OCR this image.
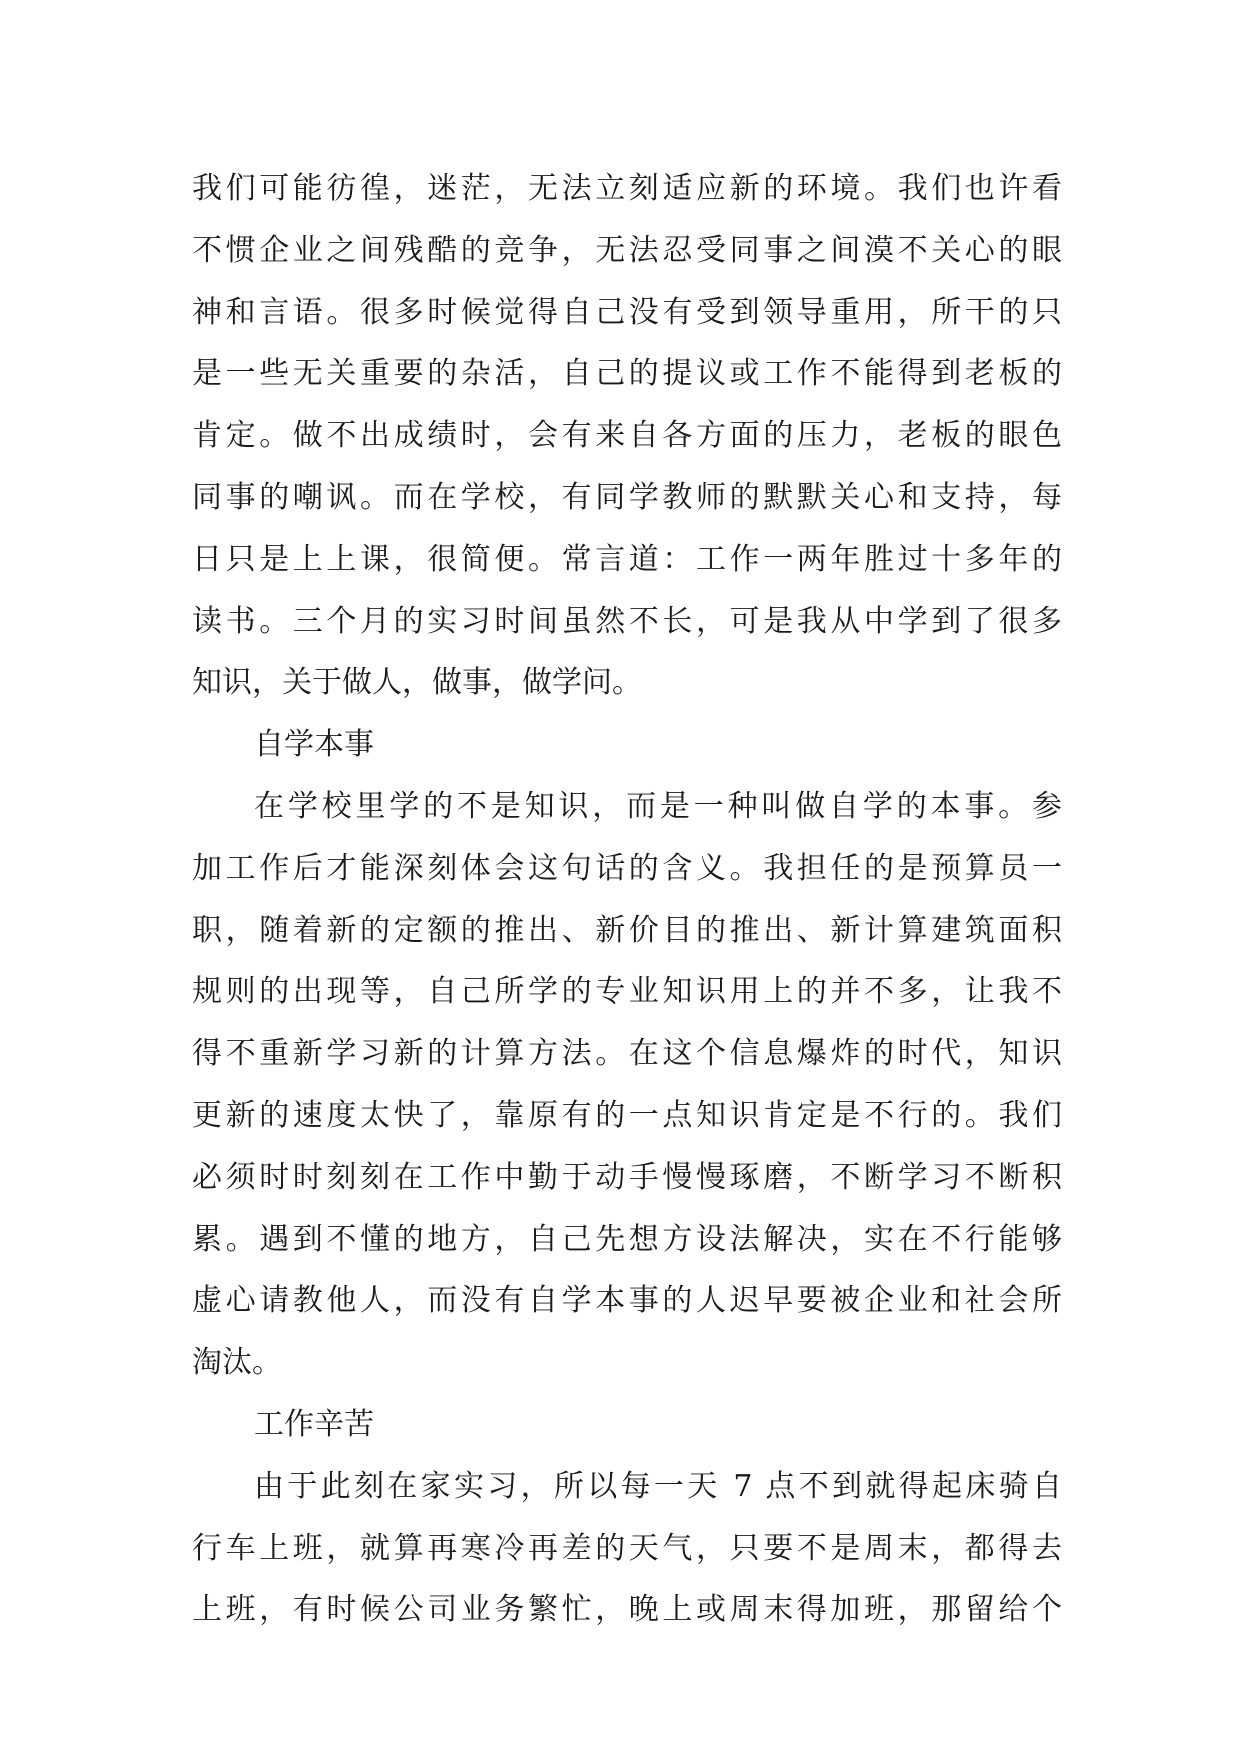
我们可能彷徨，迷茫，无法立刻适应新的环境。我们也许看
不惯企业之间残酷的竞争，无法忍受同事之间漠不关心的眼
神和言语。很多时候觉得自己没有受到领导重用，所干的只
是一些无关重要的杂活，自己的提议或工作不能得到老板的
肯定。做不出成绩时，会有来自各方面的压力，老板的眼色
同事的嘲讽。而在学校，有同学教师的默默关心和支持，每
日只是上上课，很简便。常言道：工作一两年胜过十多年的
读书。三个月的实习时间虽然不长，可是我从中学到了很多
知识，关于做人，做事，做学问。
自学本事
在学校里学的不是知识，而是一种叫做自学的本事。参
加工作后才能深刻体会这句话的含义。我担任的是预算员一
职，随着新的定额的推出、新价目的推出、新计算建筑面积
规则的出现等，自己所学的专业知识用上的并不多，让我不
得不重新学习新的计算方法。在这个信息爆炸的时代，知识
更新的速度太快了，靠原有的一点知识肯定是不行的。我们
必须时时刻刻在工作中勤于动手慢慢琢磨，不断学习不断积
累。遇到不懂的地方，自己先想方设法解决，实在不行能够
虚心请教他人，而没有自学本事的人迟早要被企业和社会所
淘汰。
工作辛苦
由于此刻在家实习，所以每一天 7 点不到就得起床骑自
行车上班，就算再寒冷再差的天气，只要不是周末，都得去
上班，有时候公司业务繁忙，晚上或周末得加班，那留给个
